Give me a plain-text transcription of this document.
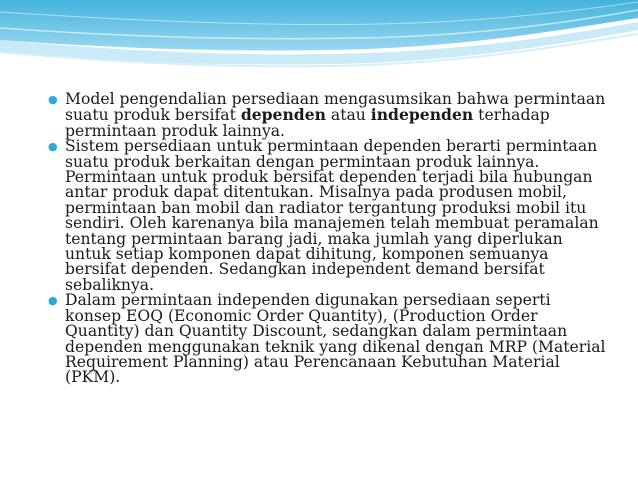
● Model pengendalian persediaan mengasumsikan bahwa permintaan suatu produk bersifat dependen atau independen terhadap permintaan produk lainnya.
● Sistem persediaan untuk permintaan dependen berarti permintaan suatu produk berkaitan dengan permintaan produk lainnya. Permintaan untuk produk bersifat dependen terjadi bila hubungan antar produk dapat ditentukan. Misalnya pada produsen mobil, permintaan ban mobil dan radiator tergantung produksi mobil itu sendiri. Oleh karenanya bila manajemen telah membuat peramalan tentang permintaan barang jadi, maka jumlah yang diperlukan untuk setiap komponen dapat dihitung, komponen semuanya bersifat dependen. Sedangkan independent demand bersifat sebaliknya.
● Dalam permintaan independen digunakan persediaan seperti konsep EOQ (Economic Order Quantity), (Production Order Quantity) dan Quantity Discount, sedangkan dalam permintaan dependen menggunakan teknik yang dikenal dengan MRP (Material Requirement Planning) atau Perencanaan Kebutuhan Material (PKM).
